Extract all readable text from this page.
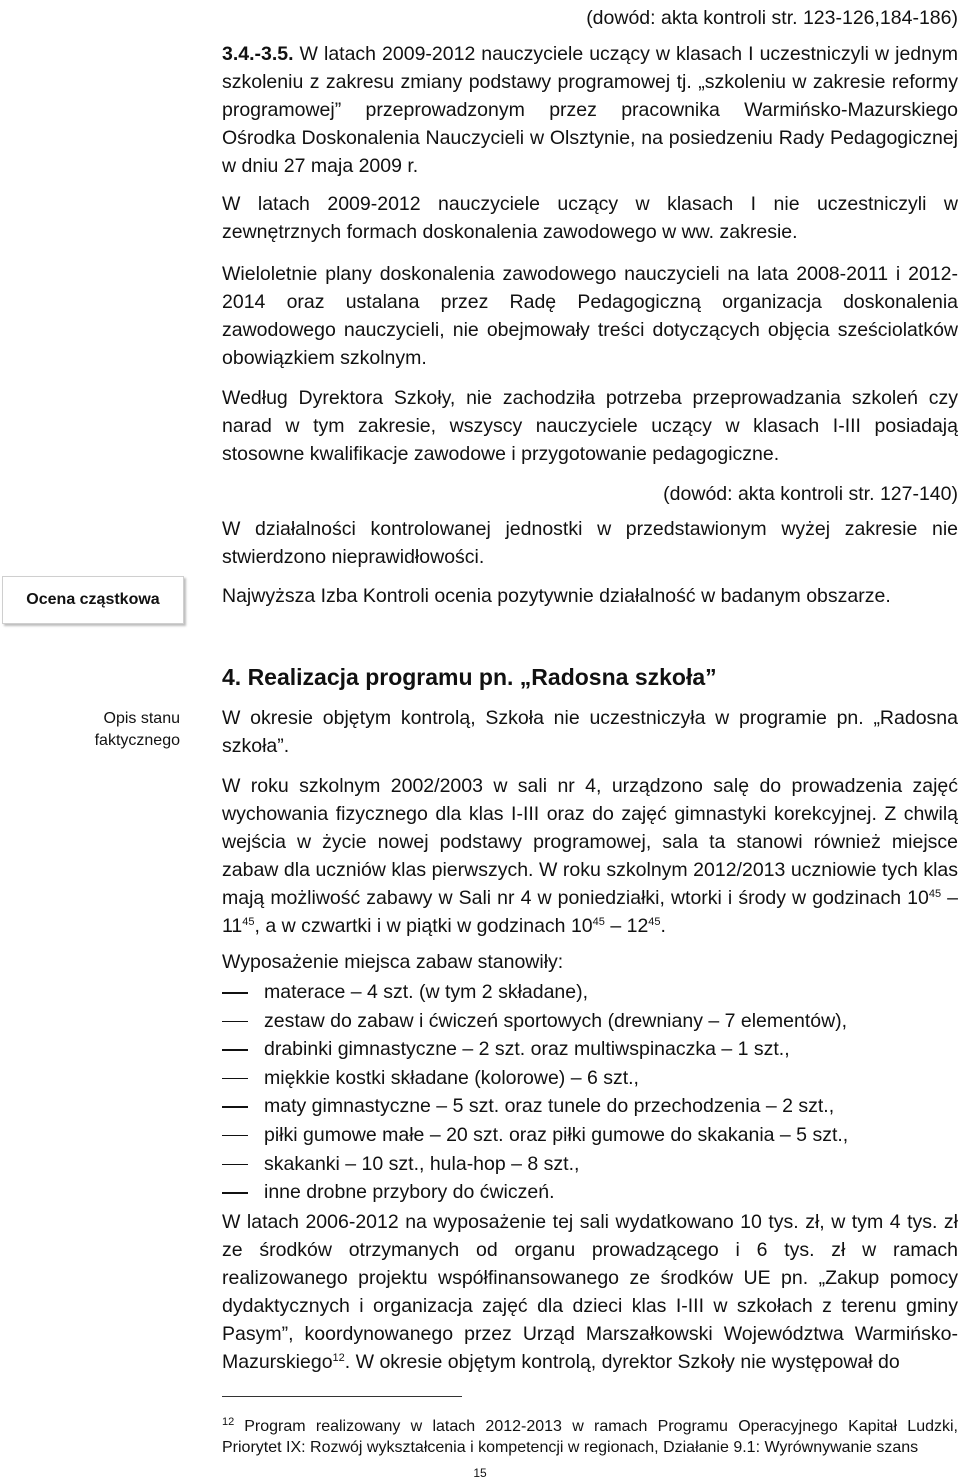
(dowód: akta kontroli str. 123-126,184-186)
3.4.-3.5. W latach 2009-2012 nauczyciele uczący w klasach I uczestniczyli w jednym szkoleniu z zakresu zmiany podstawy programowej tj. „szkoleniu w zakresie reformy programowej” przeprowadzonym przez pracownika Warmińsko-Mazurskiego Ośrodka Doskonalenia Nauczycieli w Olsztynie, na posiedzeniu Rady Pedagogicznej w dniu 27 maja 2009 r.
W latach 2009-2012 nauczyciele uczący w klasach I nie uczestniczyli w zewnętrznych formach doskonalenia zawodowego w ww. zakresie.
Wieloletnie plany doskonalenia zawodowego nauczycieli na lata 2008-2011 i 2012-2014 oraz ustalana przez Radę Pedagogiczną organizacja doskonalenia zawodowego nauczycieli, nie obejmowały treści dotyczących objęcia sześciolatków obowiązkiem szkolnym.
Według Dyrektora Szkoły, nie zachodziła potrzeba przeprowadzania szkoleń czy narad w tym zakresie, wszyscy nauczyciele uczący w klasach I-III posiadają stosowne kwalifikacje zawodowe i przygotowanie pedagogiczne.
(dowód: akta kontroli str. 127-140)
W działalności kontrolowanej jednostki w przedstawionym wyżej zakresie nie stwierdzono nieprawidłowości.
Ocena cząstkowa	Najwyższa Izba Kontroli ocenia pozytywnie działalność w badanym obszarze.
4. Realizacja programu pn. „Radosna szkoła”
Opis stanu faktycznego
W okresie objętym kontrolą, Szkoła nie uczestniczyła w programie pn. „Radosna szkoła”.
W roku szkolnym 2002/2003 w sali nr 4, urządzono salę do prowadzenia zajęć wychowania fizycznego dla klas I-III oraz do zajęć gimnastyki korekcyjnej. Z chwilą wejścia w życie nowej podstawy programowej, sala ta stanowi również miejsce zabaw dla uczniów klas pierwszych. W roku szkolnym 2012/2013 uczniowie tych klas mają możliwość zabawy w Sali nr 4 w poniedziałki, wtorki i środy w godzinach $10^{45} - 11^{45}$, a w czwartki i w piątki w godzinach $10^{45} - 12^{45}$.
Wyposażenie miejsca zabaw stanowiły:
materace – 4 szt. (w tym 2 składane),
zestaw do zabaw i ćwiczeń sportowych (drewniany – 7 elementów),
drabinki gimnastyczne – 2 szt. oraz multiwspinaczka – 1 szt.,
miękkie kostki składane (kolorowe) – 6 szt.,
maty gimnastyczne – 5 szt. oraz tunele do przechodzenia – 2 szt.,
piłki gumowe małe – 20 szt. oraz piłki gumowe do skakania – 5 szt.,
skakanki – 10 szt., hula-hop – 8 szt.,
inne drobne przybory do ćwiczeń.
W latach 2006-2012 na wyposażenie tej sali wydatkowano 10 tys. zł, w tym 4 tys. zł ze środków otrzymanych od organu prowadzącego i 6 tys. zł w ramach realizowanego projektu współfinansowanego ze środków UE pn. „Zakup pomocy dydaktycznych i organizacja zajęć dla dzieci klas I-III w szkołach z terenu gminy Pasym”, koordynowanego przez Urząd Marszałkowski Województwa Warmińsko-Mazurskiego$^{12}$. W okresie objętym kontrolą, dyrektor Szkoły nie występował do
$^{12}$ Program realizowany w latach 2012-2013 w ramach Programu Operacyjnego Kapitał Ludzki, Priorytet IX: Rozwój wykształcenia i kompetencji w regionach, Działanie 9.1: Wyrównywanie szans
15
